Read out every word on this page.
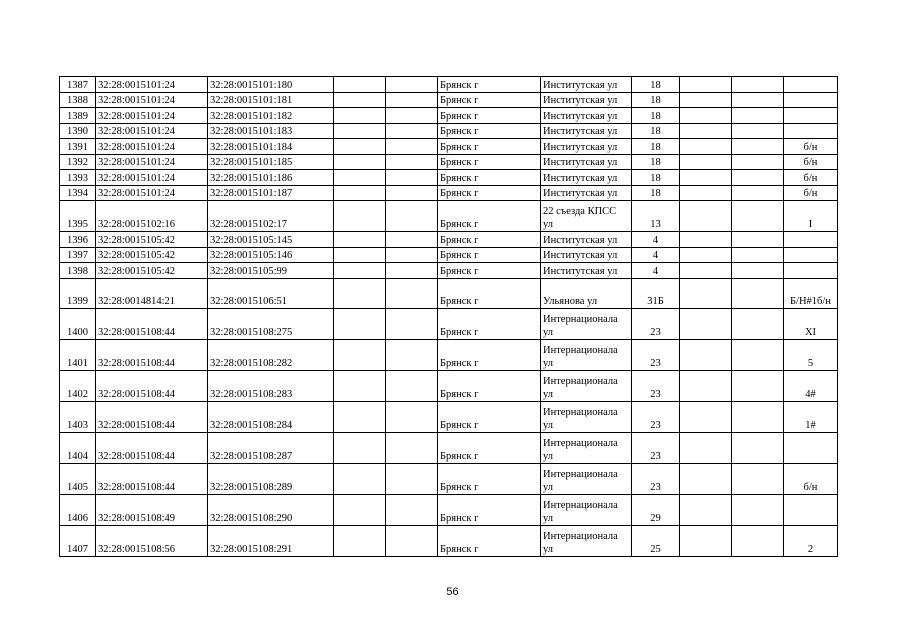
1387	32:28:0015101:24	32:28:0015101:180			Брянск г	Институтская ул	18			
1388	32:28:0015101:24	32:28:0015101:181			Брянск г	Институтская ул	18			
1389	32:28:0015101:24	32:28:0015101:182			Брянск г	Институтская ул	18			
1390	32:28:0015101:24	32:28:0015101:183			Брянск г	Институтская ул	18			
1391	32:28:0015101:24	32:28:0015101:184			Брянск г	Институтская ул	18			б/н
1392	32:28:0015101:24	32:28:0015101:185			Брянск г	Институтская ул	18			б/н
1393	32:28:0015101:24	32:28:0015101:186			Брянск г	Институтская ул	18			б/н
1394	32:28:0015101:24	32:28:0015101:187			Брянск г	Институтская ул	18			б/н
1395	32:28:0015102:16	32:28:0015102:17			Брянск г	22 съезда КПСС
ул	13			I
1396	32:28:0015105:42	32:28:0015105:145			Брянск г	Институтская ул	4			
1397	32:28:0015105:42	32:28:0015105:146			Брянск г	Институтская ул	4			
1398	32:28:0015105:42	32:28:0015105:99			Брянск г	Институтская ул	4			
1399	32:28:0014814:21	32:28:0015106:51			Брянск г	Ульянова ул	31Б			Б/Н#1б/н
1400	32:28:0015108:44	32:28:0015108:275			Брянск г	Интернационала
ул	23			XI
1401	32:28:0015108:44	32:28:0015108:282			Брянск г	Интернационала
ул	23			5
1402	32:28:0015108:44	32:28:0015108:283			Брянск г	Интернационала
ул	23			4#
1403	32:28:0015108:44	32:28:0015108:284			Брянск г	Интернационала
ул	23			1#
1404	32:28:0015108:44	32:28:0015108:287			Брянск г	Интернационала
ул	23			
1405	32:28:0015108:44	32:28:0015108:289			Брянск г	Интернационала
ул	23			б/н
1406	32:28:0015108:49	32:28:0015108:290			Брянск г	Интернационала
ул	29			
1407	32:28:0015108:56	32:28:0015108:291			Брянск г	Интернационала
ул	25			2
56
